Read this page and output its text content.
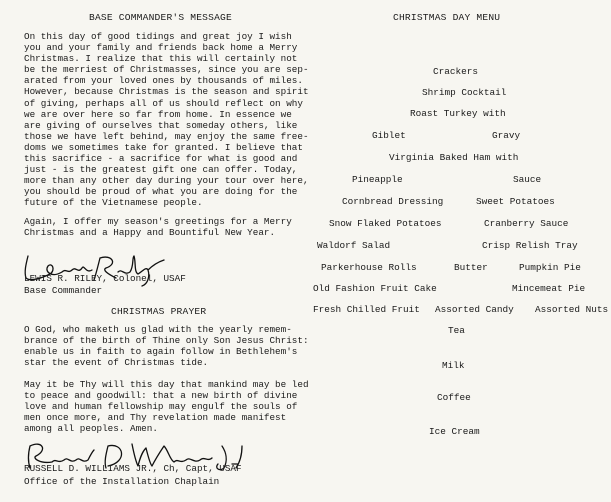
BASE COMMANDER'S MESSAGE
On this day of good tidings and great joy I wish
you and your family and friends back home a Merry
Christmas. I realize that this will certainly not
be the merriest of Christmasses, since you are sep-
arated from your loved ones by thousands of miles.
However, because Christmas is the season and spirit
of giving, perhaps all of us should reflect on why
we are over here so far from home. In essence we
are giving of ourselves that someday others, like
those we have left behind, may enjoy the same free-
doms we sometimes take for granted. I believe that
this sacrifice - a sacrifice for what is good and
just - is the greatest gift one can offer. Today,
more than any other day during your tour over here,
you should be proud of what you are doing for the
future of the Vietnamese people.
Again, I offer my season's greetings for a Merry
Christmas and a Happy and Bountiful New Year.
LEWIS R. RILEY, Colonel, USAF
Base Commander
CHRISTMAS PRAYER
O God, who maketh us glad with the yearly remem-
brance of the birth of Thine only Son Jesus Christ:
enable us in faith to again follow in Bethlehem's
star the event of Christmas tide.
May it be Thy will this day that mankind may be led
to peace and goodwill: that a new birth of divine
love and human fellowship may engulf the souls of
men once more, and Thy revelation made manifest
among all peoples. Amen.
RUSSELL D. WILLIAMS JR., Ch, Capt, USAF
Office of the Installation Chaplain
CHRISTMAS DAY MENU
Crackers
Shrimp Cocktail
Roast Turkey with
Giblet	Gravy
Virginia Baked Ham with
Pineapple	Sauce
Cornbread Dressing	Sweet Potatoes
Snow Flaked Potatoes	Cranberry Sauce
Waldorf Salad	Crisp Relish Tray
Parkerhouse Rolls	Butter	Pumpkin Pie
Old Fashion Fruit Cake	Mincemeat Pie
Fresh Chilled Fruit Assorted Candy Assorted Nuts
Tea
Milk
Coffee
Ice Cream
